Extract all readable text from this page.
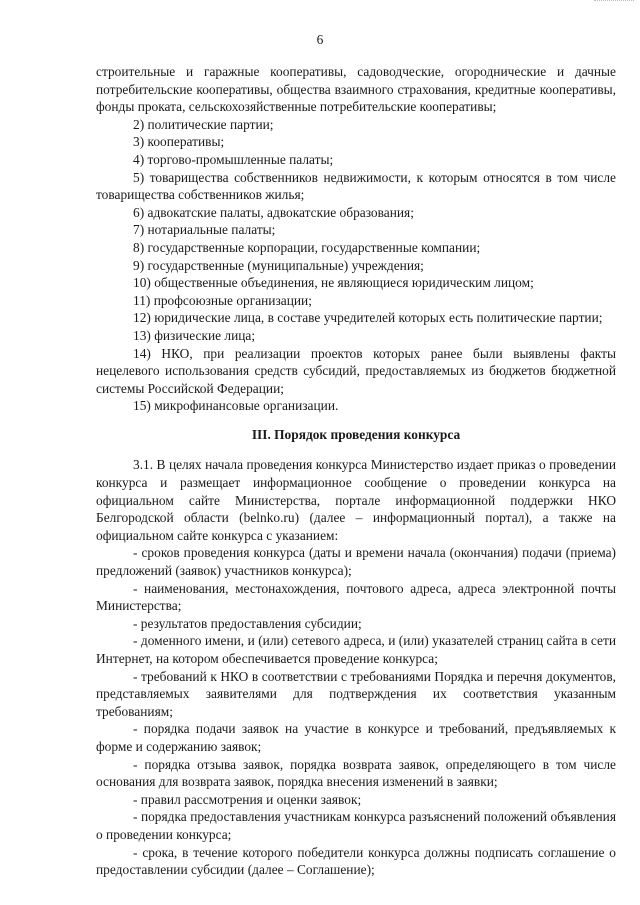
6

строительные и гаражные кооперативы, садоводческие, огороднические и дачные потребительские кооперативы, общества взаимного страхования, кредитные кооперативы, фонды проката, сельскохозяйственные потребительские кооперативы;

2) политические партии;

3) кооперативы;

4) торгово-промышленные палаты;

5) товарищества собственников недвижимости, к которым относятся в том числе товарищества собственников жилья;

6) адвокатские палаты, адвокатские образования;

7) нотариальные палаты;

8) государственные корпорации, государственные компании;

9) государственные (муниципальные) учреждения;

10) общественные объединения, не являющиеся юридическим лицом;

11) профсоюзные организации;

12) юридические лица, в составе учредителей которых есть политические партии;

13) физические лица;

14) НКО, при реализации проектов которых ранее были выявлены факты нецелевого использования средств субсидий, предоставляемых из бюджетов бюджетной системы Российской Федерации;

15) микрофинансовые организации.

III. Порядок проведения конкурса

3.1. В целях начала проведения конкурса Министерство издает приказ о проведении конкурса и размещает информационное сообщение о проведении конкурса на официальном сайте Министерства, портале информационной поддержки НКО Белгородской области (belnko.ru) (далее – информационный портал), а также на официальном сайте конкурса с указанием:

- сроков проведения конкурса (даты и времени начала (окончания) подачи (приема) предложений (заявок) участников конкурса);

- наименования, местонахождения, почтового адреса, адреса электронной почты Министерства;

- результатов предоставления субсидии;

- доменного имени, и (или) сетевого адреса, и (или) указателей страниц сайта в сети Интернет, на котором обеспечивается проведение конкурса;

- требований к НКО в соответствии с требованиями Порядка и перечня документов, представляемых заявителями для подтверждения их соответствия указанным требованиям;

- порядка подачи заявок на участие в конкурсе и требований, предъявляемых к форме и содержанию заявок;

- порядка отзыва заявок, порядка возврата заявок, определяющего в том числе основания для возврата заявок, порядка внесения изменений в заявки;

- правил рассмотрения и оценки заявок;

- порядка предоставления участникам конкурса разъяснений положений объявления о проведении конкурса;

- срока, в течение которого победители конкурса должны подписать соглашение о предоставлении субсидии (далее – Соглашение);
